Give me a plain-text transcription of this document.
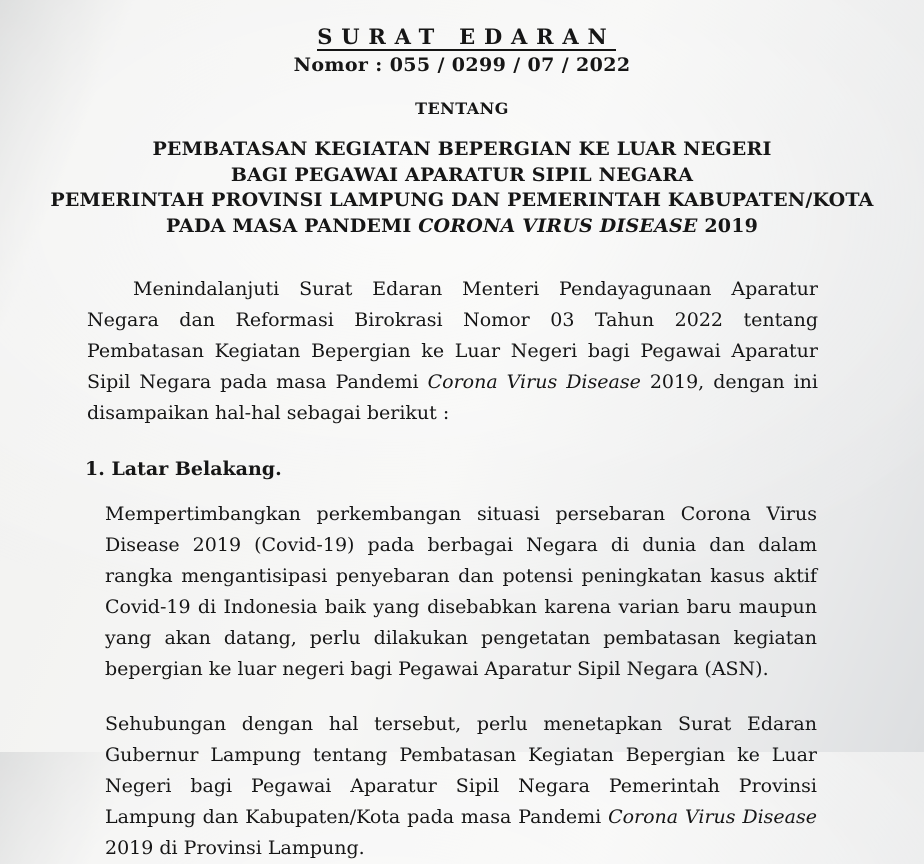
SURAT EDARAN
Nomor : 055 / 0299 / 07 / 2022
TENTANG
PEMBATASAN KEGIATAN BEPERGIAN KE LUAR NEGERI
BAGI PEGAWAI APARATUR SIPIL NEGARA
PEMERINTAH PROVINSI LAMPUNG DAN PEMERINTAH KABUPATEN/KOTA
PADA MASA PANDEMI CORONA VIRUS DISEASE 2019

Menindalanjuti Surat Edaran Menteri Pendayagunaan Aparatur Negara dan Reformasi Birokrasi Nomor 03 Tahun 2022 tentang Pembatasan Kegiatan Bepergian ke Luar Negeri bagi Pegawai Aparatur Sipil Negara pada masa Pandemi Corona Virus Disease 2019, dengan ini disampaikan hal-hal sebagai berikut :

1. Latar Belakang.

Mempertimbangkan perkembangan situasi persebaran Corona Virus Disease 2019 (Covid-19) pada berbagai Negara di dunia dan dalam rangka mengantisipasi penyebaran dan potensi peningkatan kasus aktif Covid-19 di Indonesia baik yang disebabkan karena varian baru maupun yang akan datang, perlu dilakukan pengetatan pembatasan kegiatan bepergian ke luar negeri bagi Pegawai Aparatur Sipil Negara (ASN).

Sehubungan dengan hal tersebut, perlu menetapkan Surat Edaran Gubernur Lampung tentang Pembatasan Kegiatan Bepergian ke Luar Negeri bagi Pegawai Aparatur Sipil Negara Pemerintah Provinsi Lampung dan Kabupaten/Kota pada masa Pandemi Corona Virus Disease 2019 di Provinsi Lampung.
